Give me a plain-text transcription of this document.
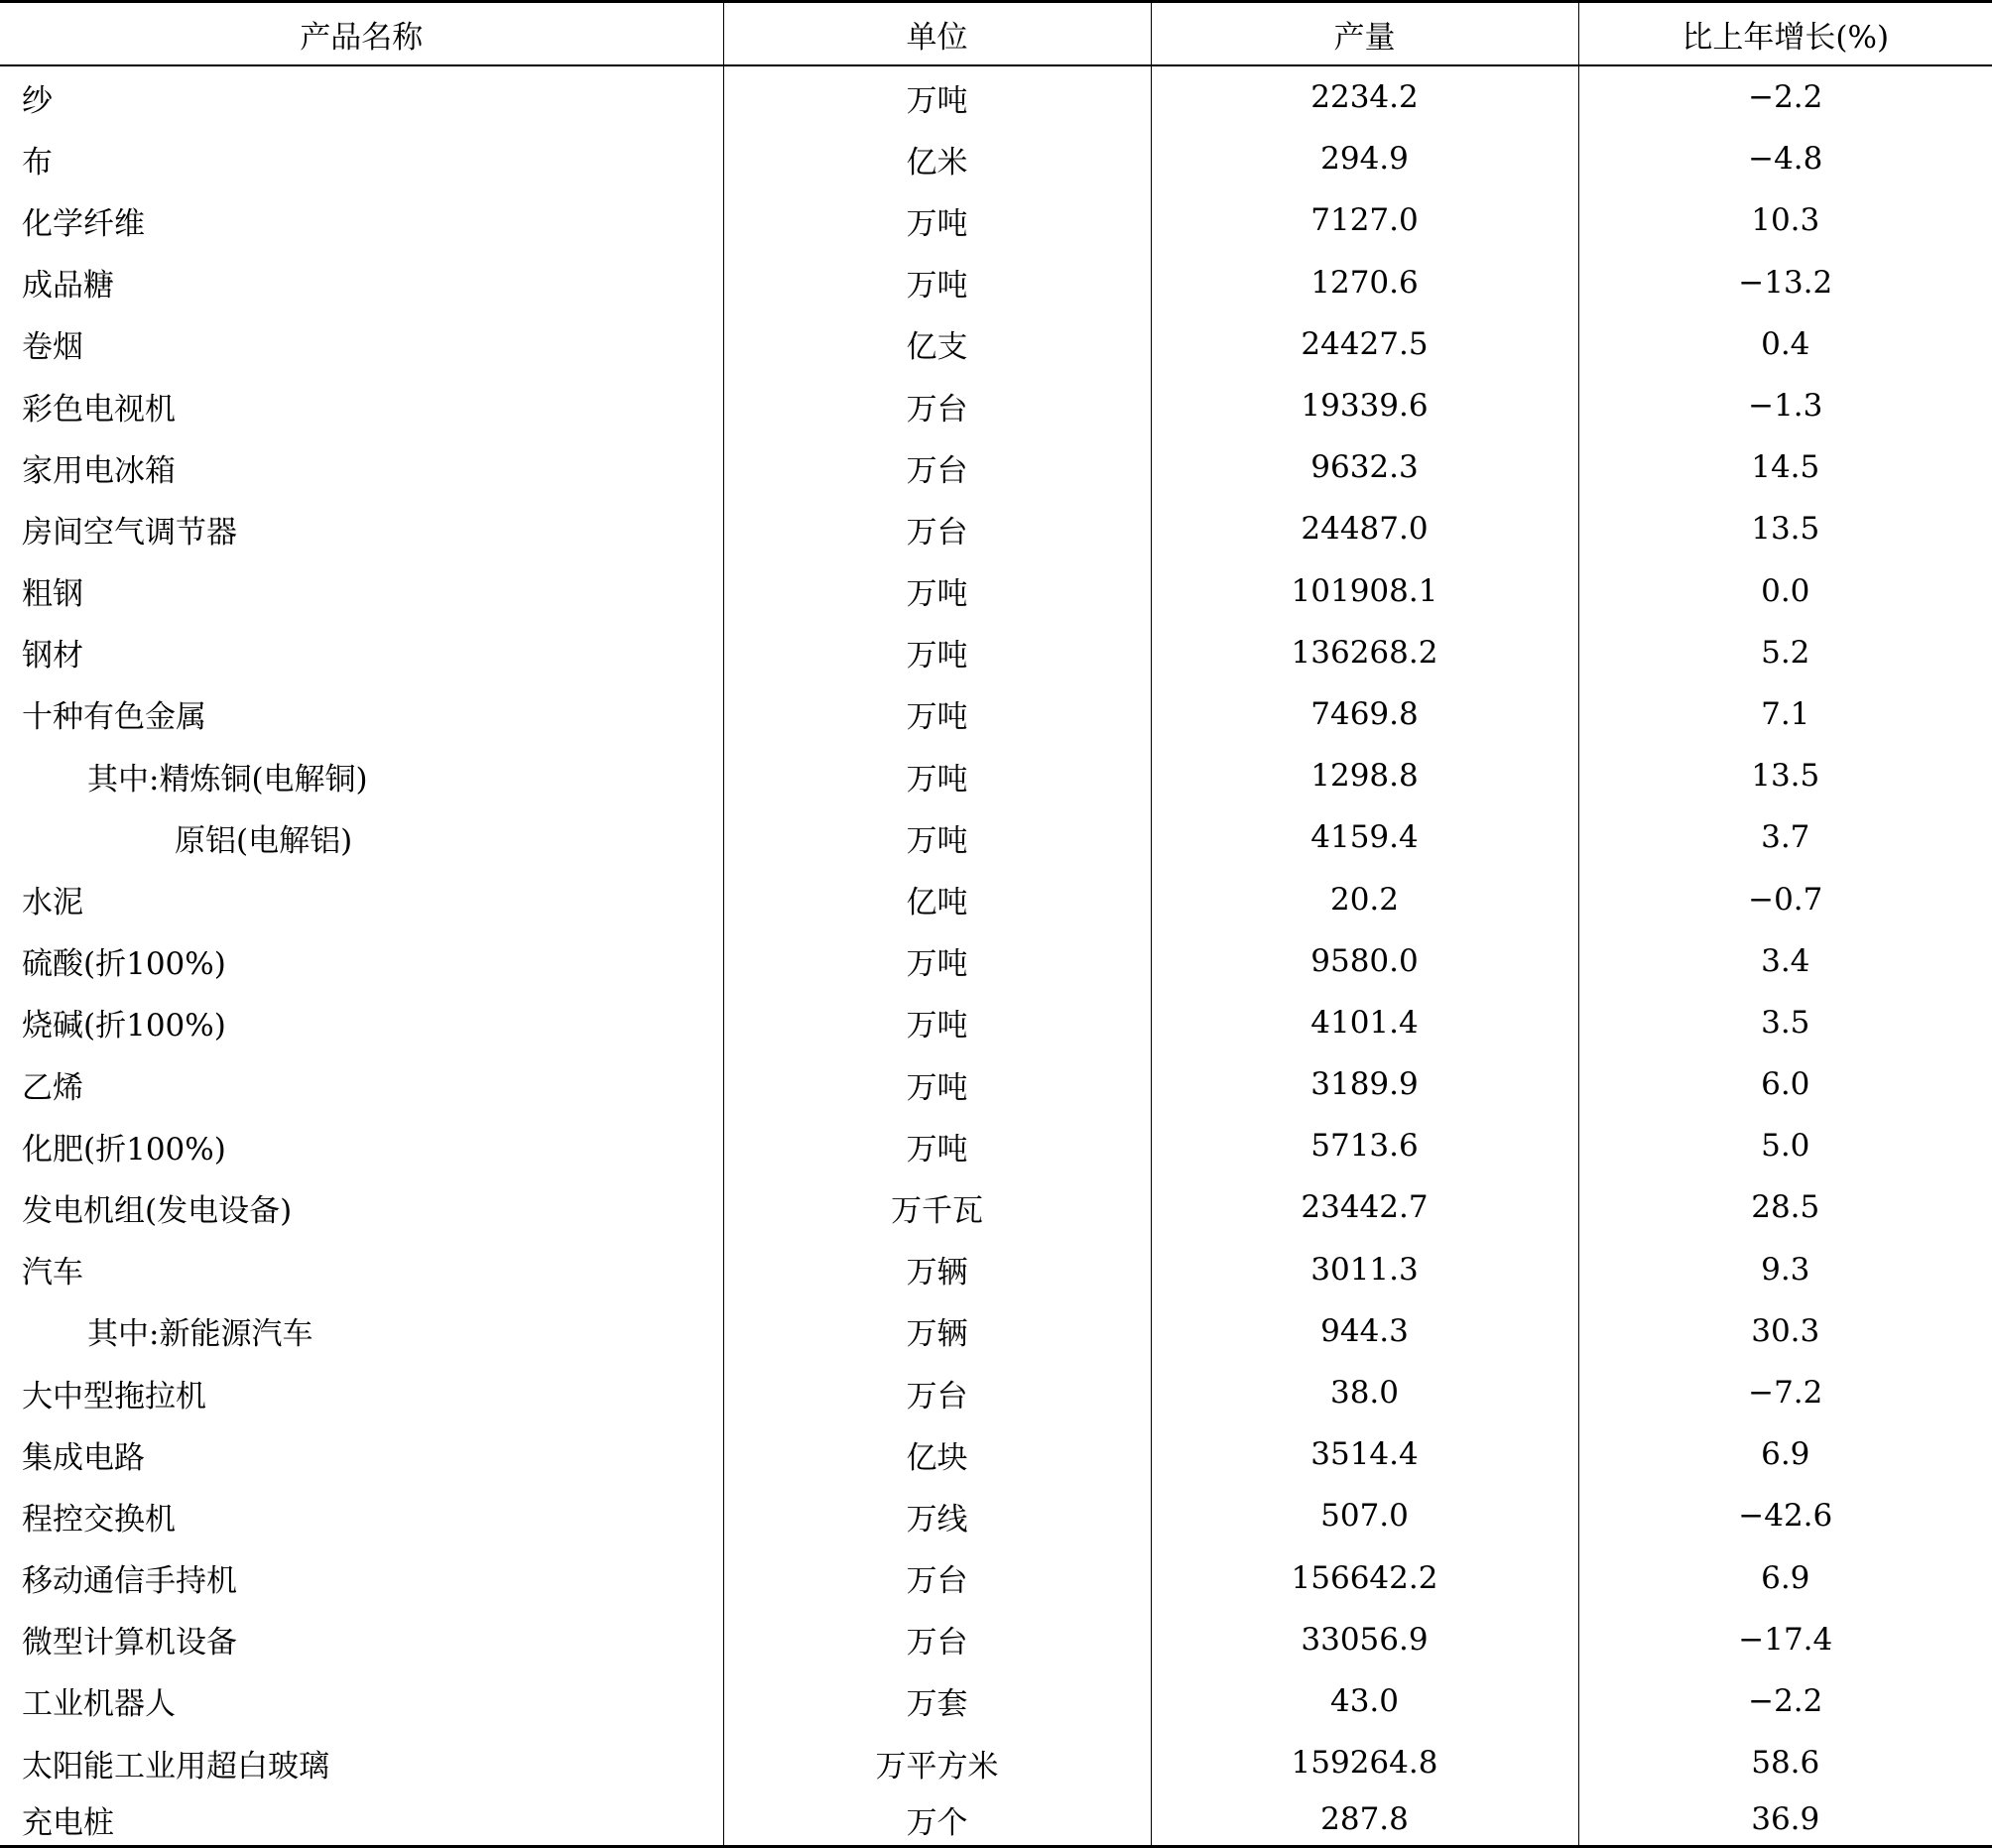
产品名称	单位	产量	比上年增长(%)
纱	万吨	2234.2	−2.2
布	亿米	294.9	−4.8
化学纤维	万吨	7127.0	10.3
成品糖	万吨	1270.6	−13.2
卷烟	亿支	24427.5	0.4
彩色电视机	万台	19339.6	−1.3
家用电冰箱	万台	9632.3	14.5
房间空气调节器	万台	24487.0	13.5
粗钢	万吨	101908.1	0.0
钢材	万吨	136268.2	5.2
十种有色金属	万吨	7469.8	7.1
其中:精炼铜(电解铜)	万吨	1298.8	13.5
原铝(电解铝)	万吨	4159.4	3.7
水泥	亿吨	20.2	−0.7
硫酸(折100%)	万吨	9580.0	3.4
烧碱(折100%)	万吨	4101.4	3.5
乙烯	万吨	3189.9	6.0
化肥(折100%)	万吨	5713.6	5.0
发电机组(发电设备)	万千瓦	23442.7	28.5
汽车	万辆	3011.3	9.3
其中:新能源汽车	万辆	944.3	30.3
大中型拖拉机	万台	38.0	−7.2
集成电路	亿块	3514.4	6.9
程控交换机	万线	507.0	−42.6
移动通信手持机	万台	156642.2	6.9
微型计算机设备	万台	33056.9	−17.4
工业机器人	万套	43.0	−2.2
太阳能工业用超白玻璃	万平方米	159264.8	58.6
充电桩	万个	287.8	36.9
